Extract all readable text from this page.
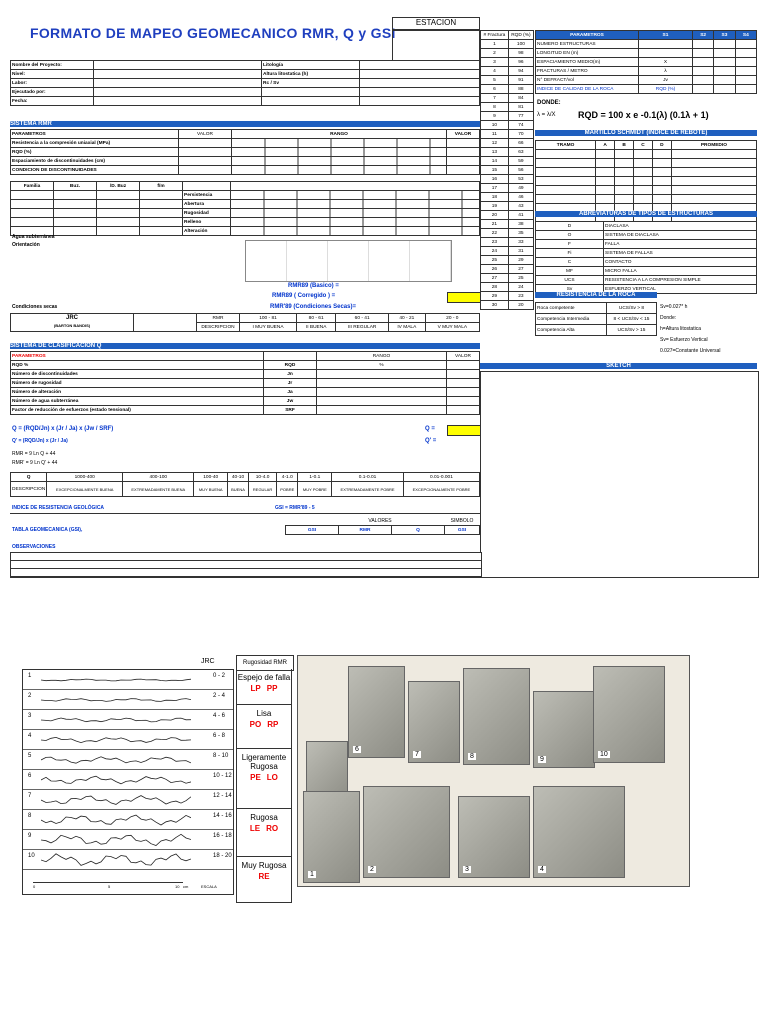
FORMATO DE MAPEO GEOMECANICO RMR, Q y GSI
ESTACION
Nombre del Proyecto:		Litología	
Nivel:		Altura litostatica (h)	
Labor:		Rc / Sv	
Ejecutado por:			
Fecha:			
# Fractura	RQD (%)
1	100
2	98
3	96
4	94
5	91
6	88
7	84
8	81
9	77
10	74
11	70
12	66
13	63
14	59
15	56
16	53
17	49
18	46
19	43
20	41
21	38
22	35
23	33
24	31
25	29
26	27
27	25
28	24
29	23
30	20
PARAMETROS	S1	S2	S3	S4
NUMERO ESTRUCTURAS				
LONGITUD EN (m)				
ESPACIAMIENTO MEDIO(m)	X			
FRACTURAS / METRO	λ			
N° DEFRACT/vol	Jv			
INDICE DE CALIDAD DE LA ROCA	RQD (%)			
DONDE:
λ = λ/X RQD = 100 x e -0.1(λ) (0.1λ + 1)
MARTILLO SCHMIDT (INDICE DE REBOTE)
TRAMO	A	B	C	D	PROMEDIO

ABREVIATURAS DE TIPOS DE ESTRUCTURAS
D	DIACLASA
O	SISTEMA DE DIACLASA
F	FALLA
Fi	SISTEMA DE FALLAS
C	CONTACTO
MF	MICRO FALLA
UCS	RESISTENCIA A LA COMPRESION SIMPLE
Sv	ESFUERZO VERTICAL
RESISTENCIA DE LA ROCA
Roca competente	UCS/Sv > 8
Competencia Intermedia	8 < UCS/Sv < 15
Competencia Alta	UCS/Sv > 15
Sv=0.027* h
Donde:
h=Altura litostatica
Sv= Esfuerzo Vertical
0.027=Constante Universal
SKETCH
SISTEMA RMR
PARAMETROS	VALOR	RANGO	VALOR
Resistencia a la compresión uniaxial (MPa)			
RQD (%)			
Espaciamiento de discontinuidades (cm)			
CONDICION DE DISCONTINUIDADES			
Familia	Buz.	/D. Buz	f/m		
				Persistencia	
				Abertura	
				Rugosidad	
				Relleno	
				Alteración	
Agua subterránea
Orientación
RMR89 (Basico) =
RMR89 ( Corregido ) =
RMR'89 (Condiciones Secas)=
Condiciones secas
JRC
(BARTON BANDIS)		RMR	100 - 81	80 - 61	60 - 41	40 - 21	20 - 0
		DESCRIPCION	I MUY BUENA	II BUENA	III REGULAR	IV MALA	V MUY MALA
SISTEMA DE CLASIFICACION Q
PARAMETROS		RANGO	VALOR
RQD %	RQD	%	
Número de discontinuidades	Jn		
Número de rugosidad	Jr		
Número de alteración	Ja		
Número de agua subterránea	Jw		
Factor de reducción de esfuerzos (estado tensional)	SRF		
Q = (RQD/Jn) x (Jr / Ja) x (Jw / SRF)	Q =
Q' = (RQD/Jn) x (Jr / Ja)	Q' =
RMR = 9 Ln Q + 44
RMR' = 9 Ln Q' + 44
Q	1000-400	400-100	100-40	40-10	10-4.0	4-1.0	1-0.1	0.1-0.01	0.01-0.001
DESCRIPCION	EXCEPCIONALMENTE BUENA	EXTREMADAMENTE BUENA	MUY BUENA	BUENA	REGULAR	POBRE	MUY POBRE	EXTREMADAMENTE POBRE	EXCEPCIONALMENTE POBRE
INDICE DE RESISTENCIA GEOLÓGICA	GSI = RMR'89 - 5
VALORES	SIMBOLO
TABLA GEOMECANICA (GSI),	GSI	RMR	Q	GSI
OBSERVACIONES
JRC
1	0 - 2
2	2 - 4
3	4 - 6
4	6 - 8
5	8 - 10
6	10 - 12
7	12 - 14
8	14 - 16
9	16 - 18
10	18 - 20
0	5	10 cm	ESCALA
Rugosidad RMR
Espejo de falla
LP PP
Lisa
PO RP
Ligeramente Rugosa
PE LO
Rugosa
LE RO
Muy Rugosa
RE
6
7	8	9
10
1
2	3	4
